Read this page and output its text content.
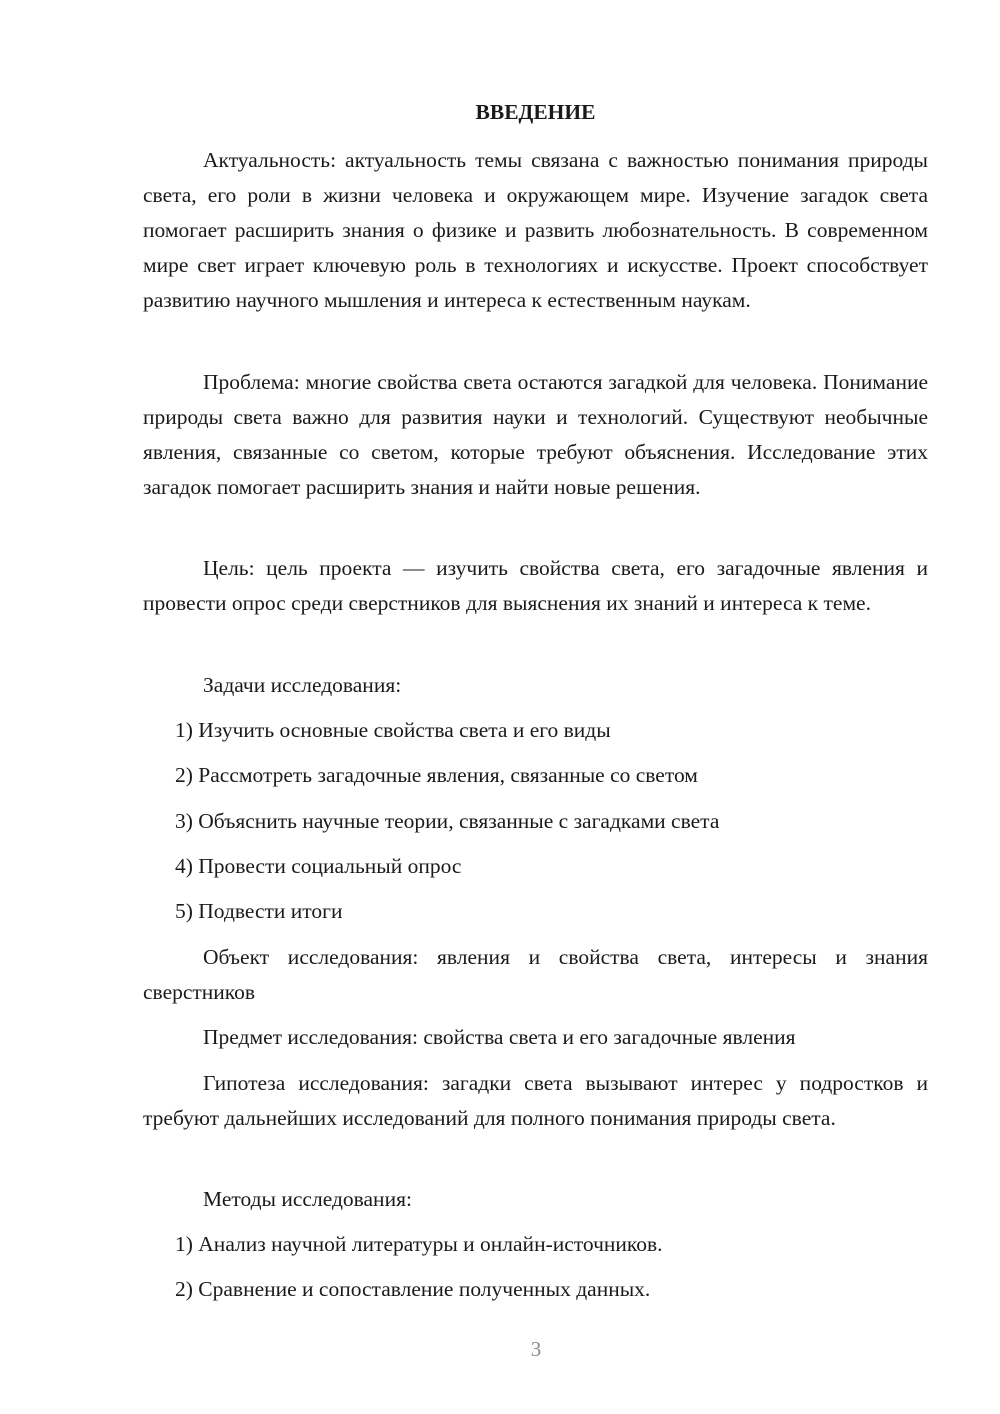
ВВЕДЕНИЕ

Актуальность: актуальность темы связана с важностью понимания природы света, его роли в жизни человека и окружающем мире. Изучение загадок света помогает расширить знания о физике и развить любознательность. В современном мире свет играет ключевую роль в технологиях и искусстве. Проект способствует развитию научного мышления и интереса к естественным наукам.

Проблема: многие свойства света остаются загадкой для человека. Понимание природы света важно для развития науки и технологий. Существуют необычные явления, связанные со светом, которые требуют объяснения. Исследование этих загадок помогает расширить знания и найти новые решения.

Цель: цель проекта — изучить свойства света, его загадочные явления и провести опрос среди сверстников для выяснения их знаний и интереса к теме.

Задачи исследования:

1) Изучить основные свойства света и его виды

2) Рассмотреть загадочные явления, связанные со светом

3) Объяснить научные теории, связанные с загадками света

4) Провести социальный опрос

5) Подвести итоги

Объект исследования: явления и свойства света, интересы и знания сверстников

Предмет исследования: свойства света и его загадочные явления

Гипотеза исследования: загадки света вызывают интерес у подростков и требуют дальнейших исследований для полного понимания природы света.

Методы исследования:

1) Анализ научной литературы и онлайн-источников.

2) Сравнение и сопоставление полученных данных.

3
